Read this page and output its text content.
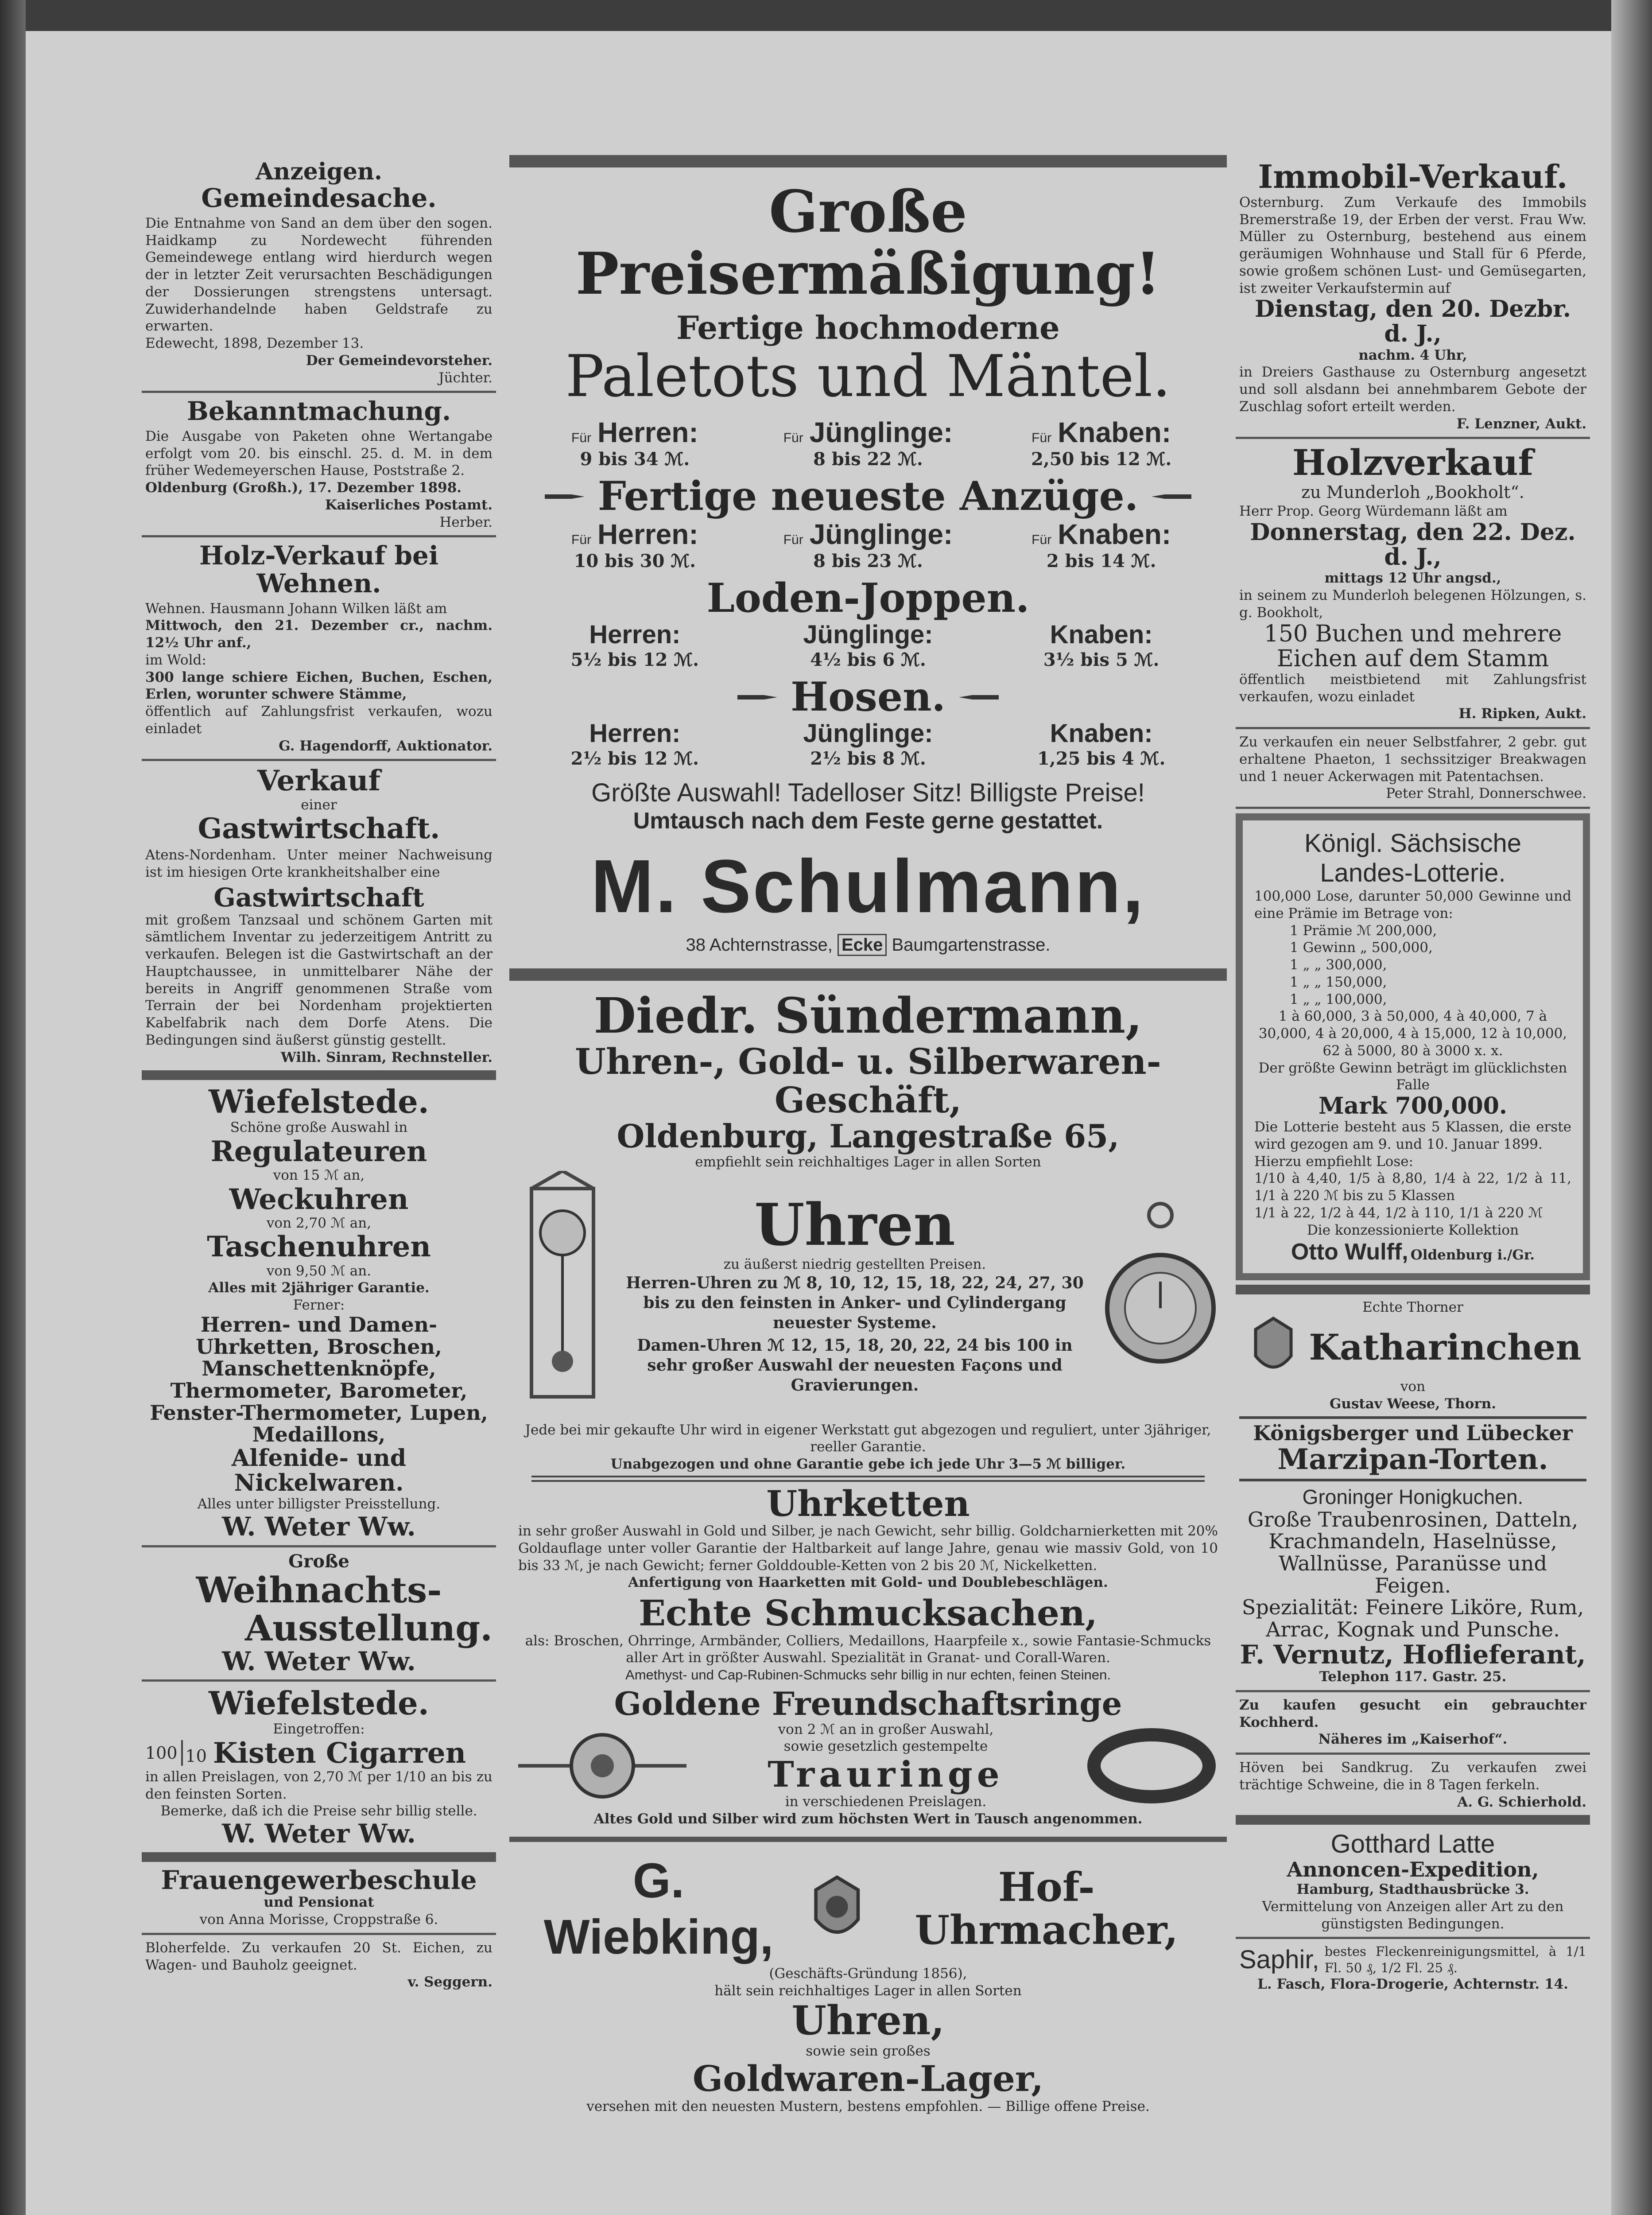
Anzeigen.
Gemeindesache.
Die Entnahme von Sand an dem über den sogen. Haidkamp zu Nordewecht führenden Gemeindewege entlang wird hierdurch wegen der in letzter Zeit verursachten Beschädigungen der Dossierungen strengstens untersagt. Zuwiderhandelnde haben Geldstrafe zu erwarten.
Edewecht, 1898, Dezember 13.
Der Gemeindevorsteher.
Jüchter.
Bekanntmachung.
Die Ausgabe von Paketen ohne Wertangabe erfolgt vom 20. bis einschl. 25. d. M. in dem früher Wedemeyerschen Hause, Poststraße 2.
Oldenburg (Großh.), 17. Dezember 1898.
Kaiserliches Postamt.
Herber.
Holz-Verkauf bei Wehnen.
Wehnen. Hausmann Johann Wilken läßt am
Mittwoch, den 21. Dezember cr., nachm. 12½ Uhr anf.,
im Wold:
300 lange schiere Eichen, Buchen, Eschen, Erlen, worunter schwere Stämme,
öffentlich auf Zahlungsfrist verkaufen, wozu einladet
G. Hagendorff, Auktionator.
Verkauf
einer
Gastwirtschaft.
Atens-Nordenham. Unter meiner Nachweisung ist im hiesigen Orte krankheitshalber eine
Gastwirtschaft
mit großem Tanzsaal und schönem Garten mit sämtlichem Inventar zu jederzeitigem Antritt zu verkaufen. Belegen ist die Gastwirtschaft an der Hauptchaussee, in unmittelbarer Nähe der bereits in Angriff genommenen Straße vom Terrain der bei Nordenham projektierten Kabelfabrik nach dem Dorfe Atens. Die Bedingungen sind äußerst günstig gestellt.
Wilh. Sinram, Rechnsteller.
Wiefelstede.
Schöne große Auswahl in
Regulateuren
von 15 ℳ an,
Weckuhren
von 2,70 ℳ an,
Taschenuhren
von 9,50 ℳ an.
Alles mit 2jähriger Garantie.
Ferner:
Herren- und Damen-Uhrketten, Broschen, Manschettenknöpfe, Thermometer, Barometer, Fenster-Thermometer, Lupen, Medaillons,
Alfenide- und Nickelwaren.
Alles unter billigster Preisstellung.
W. Weter Ww.
Große
Weihnachts-
Ausstellung.
W. Weter Ww.
Wiefelstede.
Eingetroffen:
100 10 Kisten Cigarren
in allen Preislagen, von 2,70 ℳ per 1/10 an bis zu den feinsten Sorten.
Bemerke, daß ich die Preise sehr billig stelle.
W. Weter Ww.
Frauengewerbeschule
und Pensionat
von Anna Morisse, Croppstraße 6.
Bloherfelde. Zu verkaufen 20 St. Eichen, zu Wagen- und Bauholz geeignet.
v. Seggern.
Große Preisermäßigung!
Fertige hochmoderne
Paletots und Mäntel.
Für Herren:	Für Jünglinge:	Für Knaben:
9 bis 34 ℳ.	8 bis 22 ℳ.	2,50 bis 12 ℳ.
Fertige neueste Anzüge.
Für Herren:	Für Jünglinge:	Für Knaben:
10 bis 30 ℳ.	8 bis 23 ℳ.	2 bis 14 ℳ.
Loden-Joppen.
Herren:	Jünglinge:	Knaben:
5½ bis 12 ℳ.	4½ bis 6 ℳ.	3½ bis 5 ℳ.
Hosen.
Herren:	Jünglinge:	Knaben:
2½ bis 12 ℳ.	2½ bis 8 ℳ.	1,25 bis 4 ℳ.
Größte Auswahl! Tadelloser Sitz! Billigste Preise!
Umtausch nach dem Feste gerne gestattet.
M. Schulmann,
38 Achternstrasse, Ecke Baumgartenstrasse.
Diedr. Sündermann,
Uhren-, Gold- u. Silberwaren-Geschäft,
Oldenburg, Langestraße 65,
empfiehlt sein reichhaltiges Lager in allen Sorten
Uhren
zu äußerst niedrig gestellten Preisen.
Herren-Uhren zu ℳ 8, 10, 12, 15, 18, 22, 24, 27, 30 bis zu den feinsten in Anker- und Cylindergang neuester Systeme.
Damen-Uhren ℳ 12, 15, 18, 20, 22, 24 bis 100 in sehr großer Auswahl der neuesten Façons und Gravierungen.
Jede bei mir gekaufte Uhr wird in eigener Werkstatt gut abgezogen und reguliert, unter 3jähriger, reeller Garantie.
Unabgezogen und ohne Garantie gebe ich jede Uhr 3—5 ℳ billiger.
Uhrketten
in sehr großer Auswahl in Gold und Silber, je nach Gewicht, sehr billig. Goldcharnierketten mit 20% Goldauflage unter voller Garantie der Haltbarkeit auf lange Jahre, genau wie massiv Gold, von 10 bis 33 ℳ, je nach Gewicht; ferner Golddouble-Ketten von 2 bis 20 ℳ, Nickelketten.
Anfertigung von Haarketten mit Gold- und Doublebeschlägen.
Echte Schmucksachen,
als: Broschen, Ohrringe, Armbänder, Colliers, Medaillons, Haarpfeile x., sowie Fantasie-Schmucks aller Art in größter Auswahl. Spezialität in Granat- und Corall-Waren.
Amethyst- und Cap-Rubinen-Schmucks sehr billig in nur echten, feinen Steinen.
Goldene Freundschaftsringe
von 2 ℳ an in großer Auswahl,
sowie gesetzlich gestempelte
Trauringe
in verschiedenen Preislagen.
Altes Gold und Silber wird zum höchsten Wert in Tausch angenommen.
G. Wiebking,
Hof-Uhrmacher,
(Geschäfts-Gründung 1856),
hält sein reichhaltiges Lager in allen Sorten
Uhren,
sowie sein großes
Goldwaren-Lager,
versehen mit den neuesten Mustern, bestens empfohlen. — Billige offene Preise.
Immobil-Verkauf.
Osternburg. Zum Verkaufe des Immobils Bremerstraße 19, der Erben der verst. Frau Ww. Müller zu Osternburg, bestehend aus einem geräumigen Wohnhause und Stall für 6 Pferde, sowie großem schönen Lust- und Gemüsegarten, ist zweiter Verkaufstermin auf
Dienstag, den 20. Dezbr. d. J.,
nachm. 4 Uhr,
in Dreiers Gasthause zu Osternburg angesetzt und soll alsdann bei annehmbarem Gebote der Zuschlag sofort erteilt werden.
F. Lenzner, Aukt.
Holzverkauf
zu Munderloh „Bookholt“.
Herr Prop. Georg Würdemann läßt am
Donnerstag, den 22. Dez. d. J.,
mittags 12 Uhr angsd.,
in seinem zu Munderloh belegenen Hölzungen, s. g. Bookholt,
150 Buchen und mehrere Eichen auf dem Stamm
öffentlich meistbietend mit Zahlungsfrist verkaufen, wozu einladet
H. Ripken, Aukt.
Zu verkaufen ein neuer Selbstfahrer, 2 gebr. gut erhaltene Phaeton, 1 sechssitziger Breakwagen und 1 neuer Ackerwagen mit Patentachsen.
Peter Strahl, Donnerschwee.
Königl. Sächsische
Landes-Lotterie.
100,000 Lose, darunter 50,000 Gewinne und eine Prämie im Betrage von:
1 Prämie ℳ 200,000,
1 Gewinn „ 500,000,
1 „ „ 300,000,
1 „ „ 150,000,
1 „ „ 100,000,
1 à 60,000, 3 à 50,000, 4 à 40,000, 7 à 30,000, 4 à 20,000, 4 à 15,000, 12 à 10,000, 62 à 5000, 80 à 3000 x. x.
Der größte Gewinn beträgt im glücklichsten Falle
Mark 700,000.
Die Lotterie besteht aus 5 Klassen, die erste wird gezogen am 9. und 10. Januar 1899.
Hierzu empfiehlt Lose:
1/10 à 4,40, 1/5 à 8,80, 1/4 à 22, 1/2 à 11, 1/1 à 220 ℳ bis zu 5 Klassen
1/1 à 22, 1/2 à 44, 1/2 à 110, 1/1 à 220 ℳ
Die konzessionierte Kollektion
Otto Wulff, Oldenburg i./Gr.
Echte Thorner
Katharinchen
von
Gustav Weese, Thorn.
Königsberger und Lübecker
Marzipan-Torten.
Groninger Honigkuchen.
Große Traubenrosinen, Datteln, Krachmandeln, Haselnüsse, Wallnüsse, Paranüsse und Feigen.
Spezialität: Feinere Liköre, Rum, Arrac, Kognak und Punsche.
F. Vernutz, Hoflieferant,
Telephon 117. Gastr. 25.
Zu kaufen gesucht ein gebrauchter Kochherd.
Näheres im „Kaiserhof“.
Höven bei Sandkrug. Zu verkaufen zwei trächtige Schweine, die in 8 Tagen ferkeln.
A. G. Schierhold.
Gotthard Latte
Annoncen-Expedition,
Hamburg, Stadthausbrücke 3.
Vermittelung von Anzeigen aller Art zu den günstigsten Bedingungen.
Saphir, bestes Fleckenreinigungsmittel, à 1/1 Fl. 50 ₰, 1/2 Fl. 25 ₰.
L. Fasch, Flora-Drogerie, Achternstr. 14.
